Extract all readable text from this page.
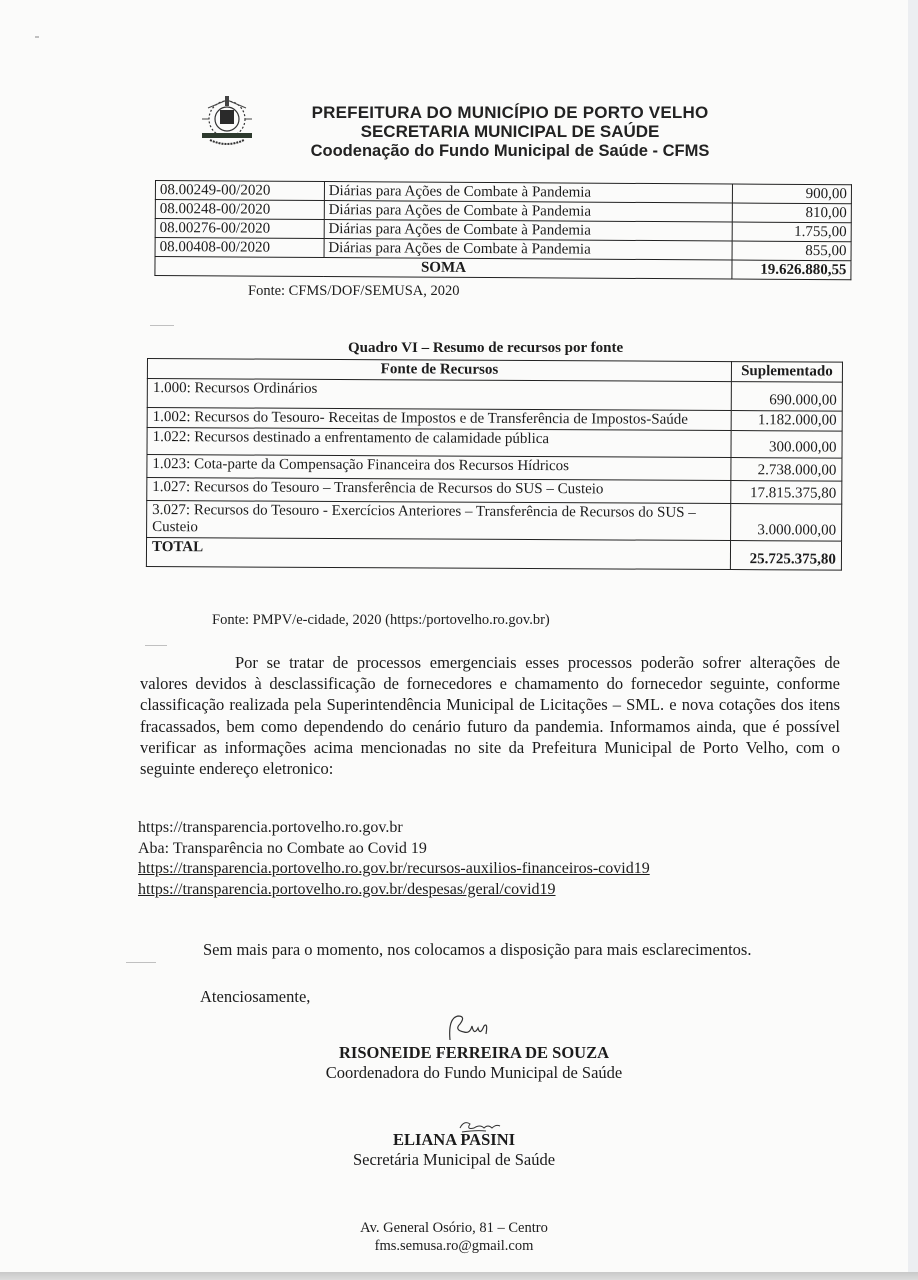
PREFEITURA DO MUNICÍPIO DE PORTO VELHO
SECRETARIA MUNICIPAL DE SAÚDE
Coodenação do Fundo Municipal de Saúde - CFMS
08.00249-00/2020	Diárias para Ações de Combate à Pandemia	900,00
08.00248-00/2020	Diárias para Ações de Combate à Pandemia	810,00
08.00276-00/2020	Diárias para Ações de Combate à Pandemia	1.755,00
08.00408-00/2020	Diárias para Ações de Combate à Pandemia	855,00
SOMA		19.626.880,55
Fonte: CFMS/DOF/SEMUSA, 2020
Quadro VI – Resumo de recursos por fonte
Fonte de Recursos	Suplementado
1.000: Recursos Ordinários	690.000,00
1.002: Recursos do Tesouro- Receitas de Impostos e de Transferência de Impostos-Saúde	1.182.000,00
1.022: Recursos destinado a enfrentamento de calamidade pública	300.000,00
1.023: Cota-parte da Compensação Financeira dos Recursos Hídricos	2.738.000,00
1.027: Recursos do Tesouro – Transferência de Recursos do SUS – Custeio	17.815.375,80
3.027: Recursos do Tesouro - Exercícios Anteriores – Transferência de Recursos do SUS – Custeio	3.000.000,00
TOTAL	25.725.375,80
Fonte: PMPV/e-cidade, 2020 (https:/portovelho.ro.gov.br)
Por se tratar de processos emergenciais esses processos poderão sofrer alterações de valores devidos à desclassificação de fornecedores e chamamento do fornecedor seguinte, conforme classificação realizada pela Superintendência Municipal de Licitações – SML. e nova cotações dos itens fracassados, bem como dependendo do cenário futuro da pandemia. Informamos ainda, que é possível verificar as informações acima mencionadas no site da Prefeitura Municipal de Porto Velho, com o seguinte endereço eletronico:
https://transparencia.portovelho.ro.gov.br
Aba: Transparência no Combate ao Covid 19
https://transparencia.portovelho.ro.gov.br/recursos-auxilios-financeiros-covid19
https://transparencia.portovelho.ro.gov.br/despesas/geral/covid19
Sem mais para o momento, nos colocamos a disposição para mais esclarecimentos.
Atenciosamente,
RISONEIDE FERREIRA DE SOUZA
Coordenadora do Fundo Municipal de Saúde
ELIANA PASINI
Secretária Municipal de Saúde
Av. General Osório, 81 – Centro
fms.semusa.ro@gmail.com
